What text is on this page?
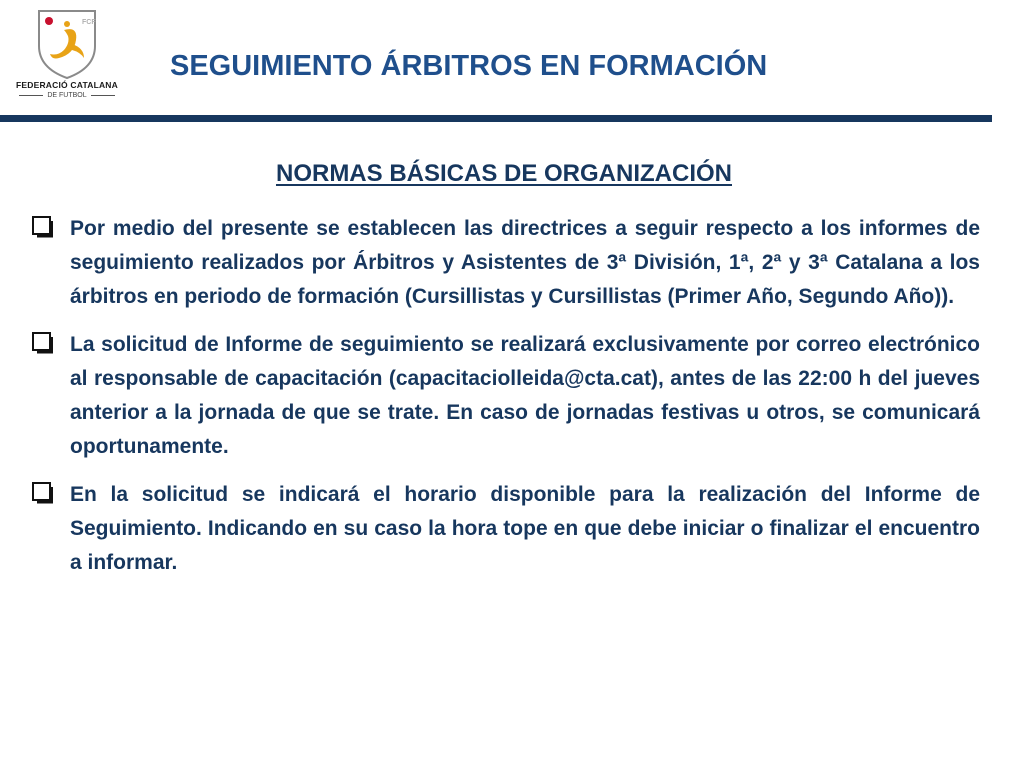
FCF
FEDERACIÓ CATALANA
DE FUTBOL
SEGUIMIENTO ÁRBITROS EN FORMACIÓN
NORMAS BÁSICAS DE ORGANIZACIÓN
Por medio del presente se establecen las directrices a seguir respecto a los informes de seguimiento realizados por Árbitros y Asistentes de 3ª División, 1ª, 2ª y 3ª Catalana a los árbitros en periodo de formación (Cursillistas y Cursillistas (Primer Año, Segundo Año)).
La solicitud de Informe de seguimiento se realizará exclusivamente por correo electrónico al responsable de capacitación (capacitaciolleida@cta.cat), antes de las 22:00 h del jueves anterior a la jornada de que se trate. En caso de jornadas festivas u otros, se comunicará oportunamente.
En la solicitud se indicará el horario disponible para la realización del Informe de Seguimiento. Indicando en su caso la hora tope en que debe iniciar o finalizar el encuentro a informar.
